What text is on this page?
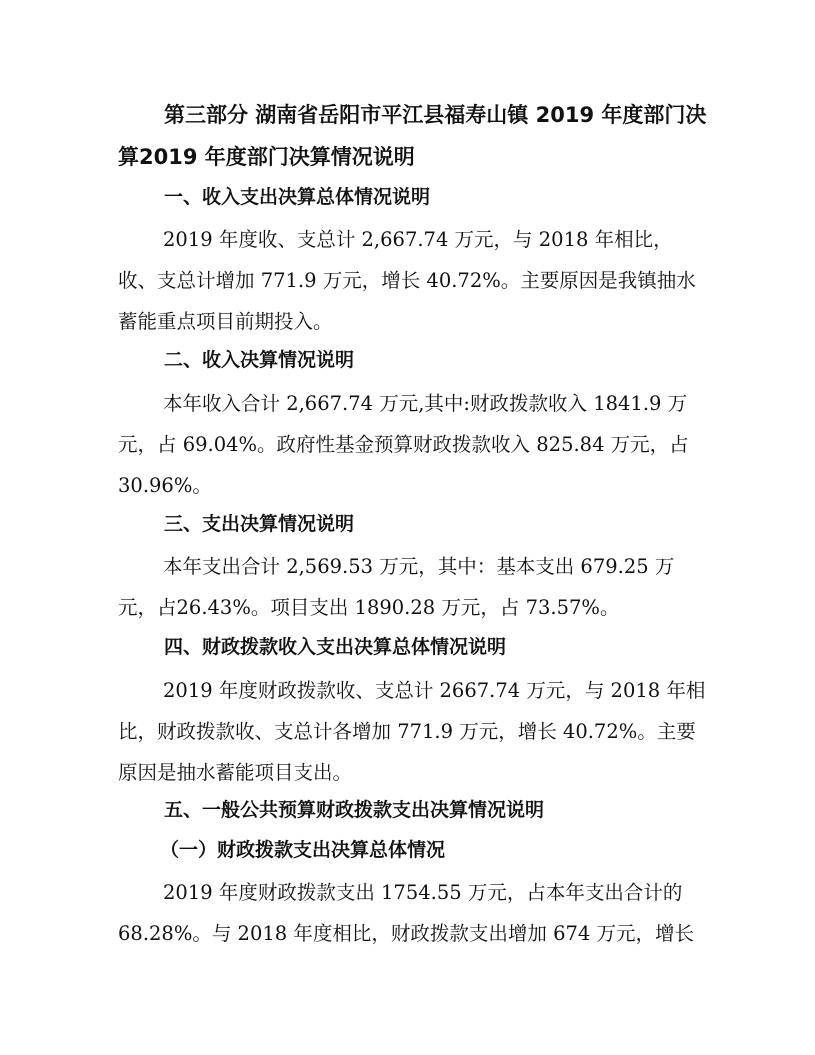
第三部分 湖南省岳阳市平江县福寿山镇 2019 年度部门决算2019 年度部门决算情况说明

一、收入支出决算总体情况说明

2019 年度收、支总计 2,667.74 万元，与 2018 年相比，收、支总计增加 771.9 万元，增长 40.72%。主要原因是我镇抽水蓄能重点项目前期投入。

二、收入决算情况说明

本年收入合计 2,667.74 万元,其中:财政拨款收入 1841.9 万元，占 69.04%。政府性基金预算财政拨款收入 825.84 万元，占 30.96%。

三、支出决算情况说明

本年支出合计 2,569.53 万元，其中：基本支出 679.25 万元，占26.43%。项目支出 1890.28 万元，占 73.57%。

四、财政拨款收入支出决算总体情况说明

2019 年度财政拨款收、支总计 2667.74 万元，与 2018 年相比，财政拨款收、支总计各增加 771.9 万元，增长 40.72%。主要原因是抽水蓄能项目支出。

五、一般公共预算财政拨款支出决算情况说明

（一）财政拨款支出决算总体情况

2019 年度财政拨款支出 1754.55 万元，占本年支出合计的68.28%。与 2018 年度相比，财政拨款支出增加 674 万元，增长
